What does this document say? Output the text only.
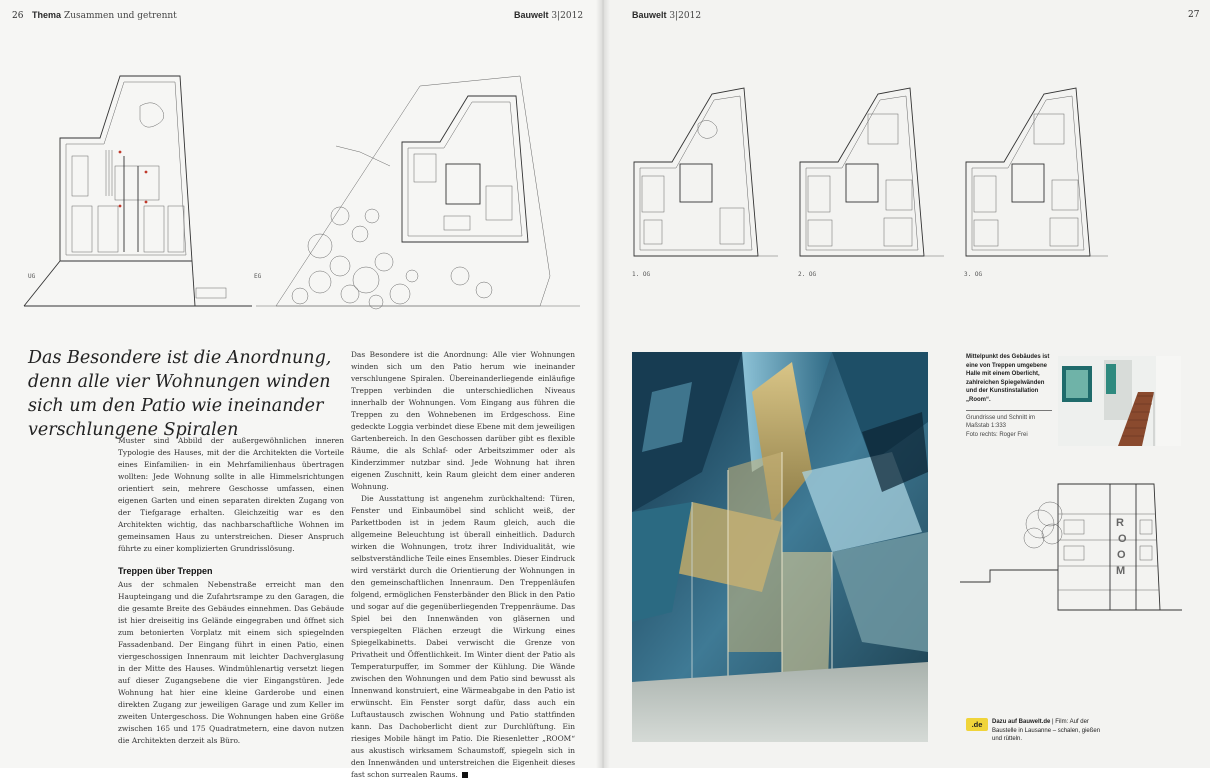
26 Thema Zusammen und getrennt	Bauwelt 3|2012	Bauwelt 3|2012	27
UG	EG	1. OG	2. OG	3. OG
Das Besondere ist die Anordnung, denn alle vier Wohnungen winden sich um den Patio wie ineinander verschlungene Spiralen

Muster sind Abbild der außergewöhnlichen inneren Typologie des Hauses, mit der die Architekten die Vorteile eines Einfamilien- in ein Mehrfamilienhaus übertragen wollten: Jede Wohnung sollte in alle Himmelsrichtungen orientiert sein, mehrere Geschosse umfassen, einen eigenen Garten und einen separaten direkten Zugang von der Tiefgarage erhalten. Gleichzeitig war es den Architekten wichtig, das nachbarschaftliche Wohnen im gemeinsamen Haus zu unterstreichen. Dieser Anspruch führte zu einer komplizierten Grundrisslösung.

Treppen über Treppen

Aus der schmalen Nebenstraße erreicht man den Haupteingang und die Zufahrtsrampe zu den Garagen, die die gesamte Breite des Gebäudes einnehmen. Das Gebäude ist hier dreiseitig ins Gelände eingegraben und öffnet sich zum betonierten Vorplatz mit einem sich spiegelnden Fassadenband. Der Eingang führt in einen Patio, einen viergeschossigen Innenraum mit leichter Dachverglasung in der Mitte des Hauses. Windmühlenartig versetzt liegen auf dieser Zugangsebene die vier Eingangstüren. Jede Wohnung hat hier eine kleine Garderobe und einen direkten Zugang zur jeweiligen Garage und zum Keller im zweiten Untergeschoss. Die Wohnungen haben eine Größe zwischen 165 und 175 Quadratmetern, eine davon nutzen die Architekten derzeit als Büro.

Das Besondere ist die Anordnung: Alle vier Wohnungen winden sich um den Patio herum wie ineinander verschlungene Spiralen. Übereinanderliegende einläufige Treppen verbinden die unterschiedlichen Niveaus innerhalb der Wohnungen. Vom Eingang aus führen die Treppen zu den Wohnebenen im Erdgeschoss. Eine gedeckte Loggia verbindet diese Ebene mit dem jeweiligen Gartenbereich. In den Geschossen darüber gibt es flexible Räume, die als Schlaf- oder Arbeitszimmer oder als Kinderzimmer nutzbar sind. Jede Wohnung hat ihren eigenen Zuschnitt, kein Raum gleicht dem einer anderen Wohnung.

Die Ausstattung ist angenehm zurückhaltend: Türen, Fenster und Einbaumöbel sind schlicht weiß, der Parkettboden ist in jedem Raum gleich, auch die allgemeine Beleuchtung ist überall einheitlich. Dadurch wirken die Wohnungen, trotz ihrer Individualität, wie selbstverständliche Teile eines Ensembles. Dieser Eindruck wird verstärkt durch die Orientierung der Wohnungen in den gemeinschaftlichen Innenraum. Den Treppenläufen folgend, ermöglichen Fensterbänder den Blick in den Patio und sogar auf die gegenüberliegenden Treppenräume. Das Spiel bei den Innenwänden von gläsernen und verspiegelten Flächen erzeugt die Wirkung eines Spiegelkabinetts. Dabei verwischt die Grenze von Privatheit und Öffentlichkeit. Im Winter dient der Patio als Temperaturpuffer, im Sommer der Kühlung. Die Wände zwischen den Wohnungen und dem Patio sind bewusst als Innenwand konstruiert, eine Wärmeabgabe in den Patio ist erwünscht. Ein Fenster sorgt dafür, dass auch ein Luftaustausch zwischen Wohnung und Patio stattfinden kann. Das Dachoberlicht dient zur Durchlüftung. Ein riesiges Mobile hängt im Patio. Die Riesenletter „ROOM“ aus akustisch wirksamem Schaumstoff, spiegeln sich in den Innenwänden und unterstreichen die Eigenheit dieses fast schon surrealen Raums.

Mittelpunkt des Gebäudes ist eine von Treppen umgebene Halle mit einem Oberlicht, zahlreichen Spiegelwänden und der Kunstinstallation „Room“.
Grundrisse und Schnitt im Maßstab 1:333
Foto rechts: Roger Frei
R
O
O
M
.de	Dazu auf Bauwelt.de | Film: Auf der Baustelle in Lausanne – schalen, gießen und rütteln.
